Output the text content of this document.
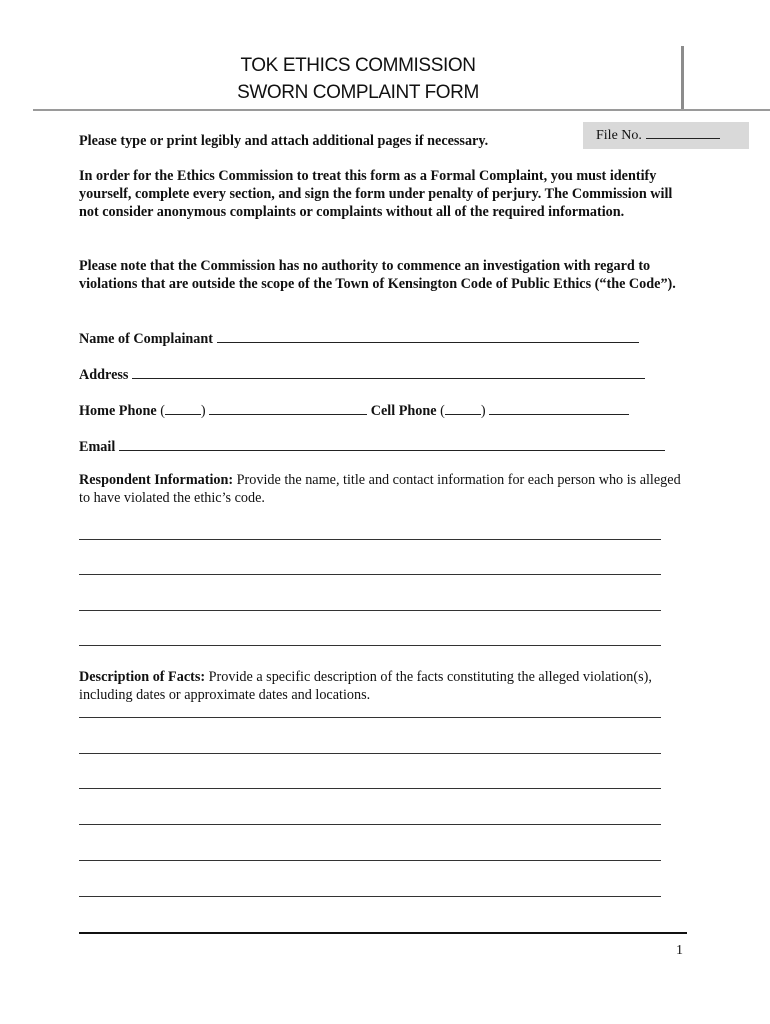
TOK ETHICS COMMISSION
SWORN COMPLAINT FORM
File No.
Please type or print legibly and attach additional pages if necessary.
In order for the Ethics Commission to treat this form as a Formal Complaint, you must identify yourself, complete every section, and sign the form under penalty of perjury. The Commission will not consider anonymous complaints or complaints without all of the required information.
Please note that the Commission has no authority to commence an investigation with regard to violations that are outside the scope of the Town of Kensington Code of Public Ethics (“the Code”).
Name of Complainant
Address
Home Phone (	)	Cell Phone (	)
Email
Respondent Information: Provide the name, title and contact information for each person who is alleged to have violated the ethic’s code.
Description of Facts: Provide a specific description of the facts constituting the alleged violation(s), including dates or approximate dates and locations.
1
